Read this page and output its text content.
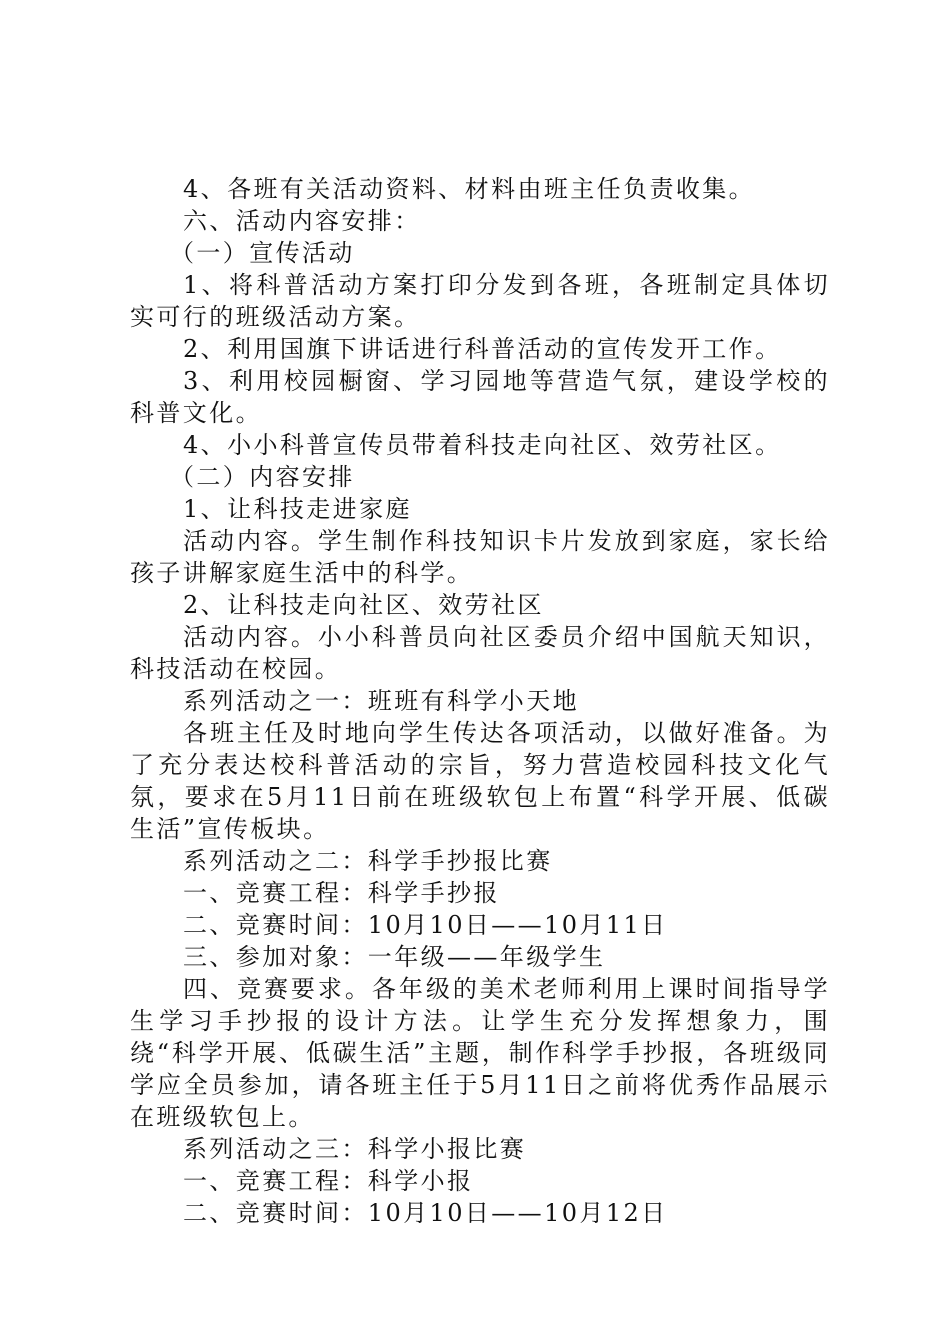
4、各班有关活动资料、材料由班主任负责收集。

六、活动内容安排：

（一）宣传活动

1、将科普活动方案打印分发到各班，各班制定具体切实可行的班级活动方案。

2、利用国旗下讲话进行科普活动的宣传发开工作。

3、利用校园橱窗、学习园地等营造气氛，建设学校的科普文化。

4、小小科普宣传员带着科技走向社区、效劳社区。

（二）内容安排

1、让科技走进家庭

活动内容。学生制作科技知识卡片发放到家庭，家长给孩子讲解家庭生活中的科学。

2、让科技走向社区、效劳社区

活动内容。小小科普员向社区委员介绍中国航天知识，科技活动在校园。

系列活动之一：班班有科学小天地

各班主任及时地向学生传达各项活动，以做好准备。为了充分表达校科普活动的宗旨，努力营造校园科技文化气氛，要求在5月11日前在班级软包上布置“科学开展、低碳生活”宣传板块。

系列活动之二：科学手抄报比赛

一、竞赛工程：科学手抄报

二、竞赛时间：10月10日——10月11日

三、参加对象：一年级——年级学生

四、竞赛要求。各年级的美术老师利用上课时间指导学生学习手抄报的设计方法。让学生充分发挥想象力，围绕“科学开展、低碳生活”主题，制作科学手抄报，各班级同学应全员参加，请各班主任于5月11日之前将优秀作品展示在班级软包上。

系列活动之三：科学小报比赛

一、竞赛工程：科学小报

二、竞赛时间：10月10日——10月12日
